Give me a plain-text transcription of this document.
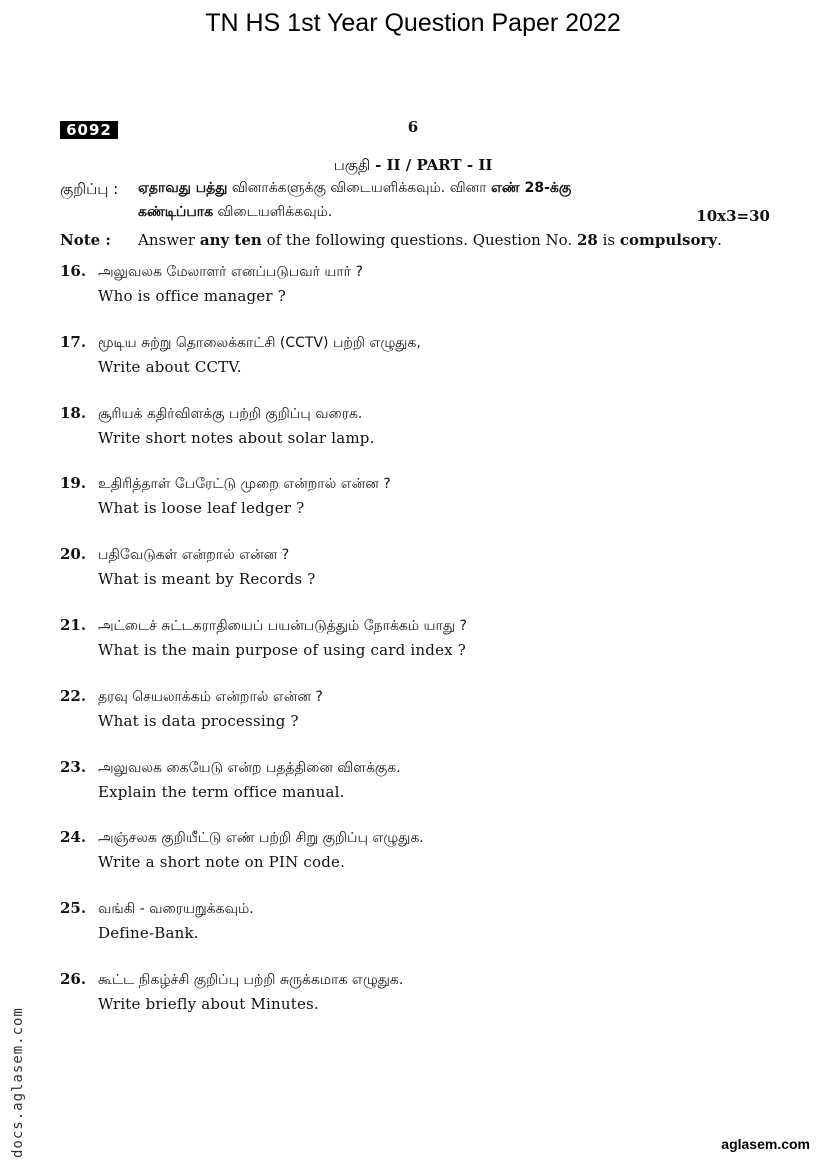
TN HS 1st Year Question Paper 2022
6092	6
பகுதி - II / PART - II
குறிப்பு : ஏதாவது பத்து வினாக்களுக்கு விடையளிக்கவும். வினா எண் 28-க்கு
கண்டிப்பாக விடையளிக்கவும்.	10x3=30
Note : Answer any ten of the following questions. Question No. 28 is compulsory.
16. அலுவலக மேலாளர் எனப்படுபவர் யார் ?
Who is office manager ?
17. மூடிய சுற்று தொலைக்காட்சி (CCTV) பற்றி எழுதுக,
Write about CCTV.
18. சூரியக் கதிர்விளக்கு பற்றி குறிப்பு வரைக.
Write short notes about solar lamp.
19. உதிரித்தாள் பேரேட்டு முறை என்றால் என்ன ?
What is loose leaf ledger ?
20. பதிவேடுகள் என்றால் என்ன ?
What is meant by Records ?
21. அட்டைச் சுட்டகராதியைப் பயன்படுத்தும் நோக்கம் யாது ?
What is the main purpose of using card index ?
22. தரவு செயலாக்கம் என்றால் என்ன ?
What is data processing ?
23. அலுவலக கையேடு என்ற பதத்தினை விளக்குக.
Explain the term office manual.
24. அஞ்சலக குறியீட்டு எண் பற்றி சிறு குறிப்பு எழுதுக.
Write a short note on PIN code.
25. வங்கி - வரையறுக்கவும்.
Define-Bank.
26. கூட்ட நிகழ்ச்சி குறிப்பு பற்றி சுருக்கமாக எழுதுக.
Write briefly about Minutes.
docs.aglasem.com	aglasem.com
